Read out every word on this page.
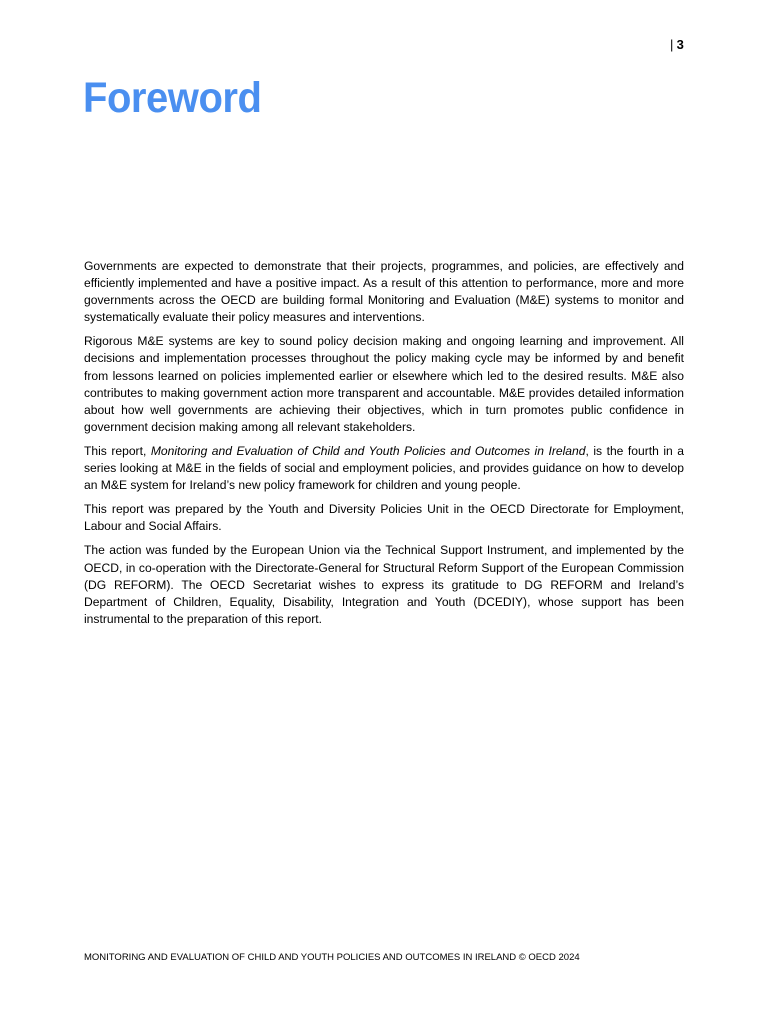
| 3
Foreword

Governments are expected to demonstrate that their projects, programmes, and policies, are effectively and efficiently implemented and have a positive impact. As a result of this attention to performance, more and more governments across the OECD are building formal Monitoring and Evaluation (M&E) systems to monitor and systematically evaluate their policy measures and interventions.

Rigorous M&E systems are key to sound policy decision making and ongoing learning and improvement. All decisions and implementation processes throughout the policy making cycle may be informed by and benefit from lessons learned on policies implemented earlier or elsewhere which led to the desired results. M&E also contributes to making government action more transparent and accountable. M&E provides detailed information about how well governments are achieving their objectives, which in turn promotes public confidence in government decision making among all relevant stakeholders.

This report, Monitoring and Evaluation of Child and Youth Policies and Outcomes in Ireland, is the fourth in a series looking at M&E in the fields of social and employment policies, and provides guidance on how to develop an M&E system for Ireland’s new policy framework for children and young people.

This report was prepared by the Youth and Diversity Policies Unit in the OECD Directorate for Employment, Labour and Social Affairs.

The action was funded by the European Union via the Technical Support Instrument, and implemented by the OECD, in co-operation with the Directorate-General for Structural Reform Support of the European Commission (DG REFORM). The OECD Secretariat wishes to express its gratitude to DG REFORM and Ireland’s Department of Children, Equality, Disability, Integration and Youth (DCEDIY), whose support has been instrumental to the preparation of this report.

MONITORING AND EVALUATION OF CHILD AND YOUTH POLICIES AND OUTCOMES IN IRELAND © OECD 2024
